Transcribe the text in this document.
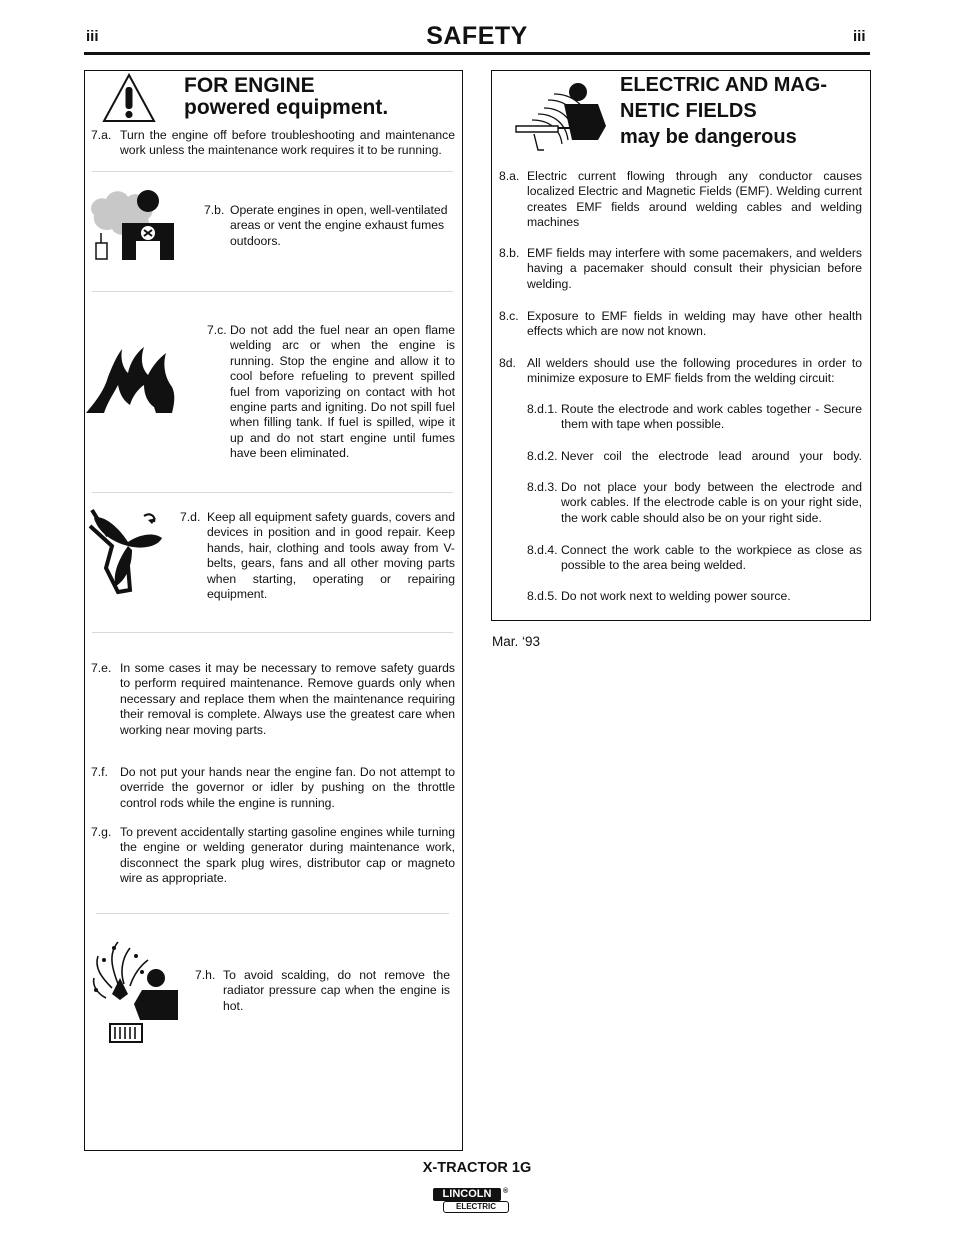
iii	SAFETY	iii
FOR ENGINE
powered equipment.
7.a. Turn the engine off before troubleshooting and maintenance work unless the maintenance work requires it to be running.
7.b. Operate engines in open, well-ventilated areas or vent the engine exhaust fumes outdoors.
7.c. Do not add the fuel near an open flame welding arc or when the engine is running. Stop the engine and allow it to cool before refueling to prevent spilled fuel from vaporizing on contact with hot engine parts and igniting. Do not spill fuel when filling tank. If fuel is spilled, wipe it up and do not start engine until fumes have been eliminated.
7.d. Keep all equipment safety guards, covers and devices in position and in good repair. Keep hands, hair, clothing and tools away from V-belts, gears, fans and all other moving parts when starting, operating or repairing equipment.
7.e. In some cases it may be necessary to remove safety guards to perform required maintenance. Remove guards only when necessary and replace them when the maintenance requiring their removal is complete. Always use the greatest care when working near moving parts.
7.f. Do not put your hands near the engine fan. Do not attempt to override the governor or idler by pushing on the throttle control rods while the engine is running.
7.g. To prevent accidentally starting gasoline engines while turning the engine or welding generator during maintenance work, disconnect the spark plug wires, distributor cap or magneto wire as appropriate.
7.h. To avoid scalding, do not remove the radiator pressure cap when the engine is hot.
ELECTRIC AND MAG-
NETIC FIELDS
may be dangerous
8.a. Electric current flowing through any conductor causes localized Electric and Magnetic Fields (EMF). Welding current creates EMF fields around welding cables and welding machines
8.b. EMF fields may interfere with some pacemakers, and welders having a pacemaker should consult their physician before welding.
8.c. Exposure to EMF fields in welding may have other health effects which are now not known.
8d. All welders should use the following procedures in order to minimize exposure to EMF fields from the welding circuit:
8.d.1. Route the electrode and work cables together - Secure them with tape when possible.
8.d.2. Never coil the electrode lead around your body.
8.d.3. Do not place your body between the electrode and work cables. If the electrode cable is on your right side, the work cable should also be on your right side.
8.d.4. Connect the work cable to the workpiece as close as possible to the area being welded.
8.d.5. Do not work next to welding power source.
Mar. ‘93
X-TRACTOR 1G
LINCOLN	®
ELECTRIC
